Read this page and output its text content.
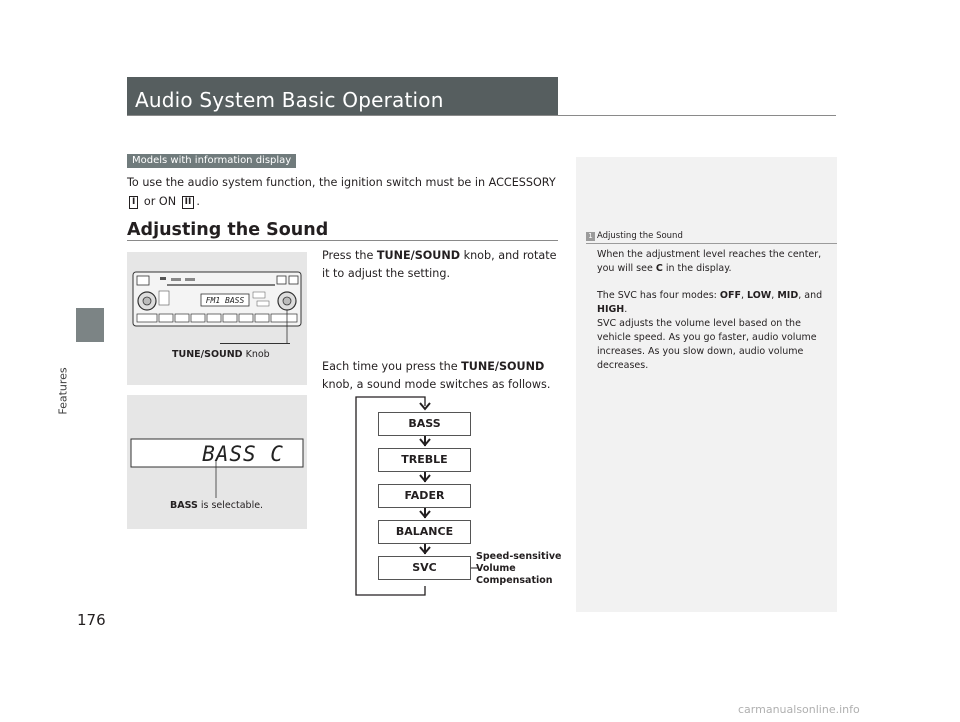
Features
Audio System Basic Operation
Models with information display
To use the audio system function, the ignition switch must be in ACCESSORY I or ON II .
Adjusting the Sound
Press the TUNE/SOUND knob, and rotate it to adjust the setting.
Each time you press the TUNE/SOUND knob, a sound mode switches as follows.
FM1 BASS
TUNE/SOUND Knob
BASS C
BASS is selectable.
BASS
TREBLE
FADER
BALANCE
SVC
Speed-sensitive
Volume
Compensation
1 Adjusting the Sound

When the adjustment level reaches the center, you will see C in the display.

The SVC has four modes: OFF, LOW, MID, and HIGH.

SVC adjusts the volume level based on the vehicle speed. As you go faster, audio volume increases. As you slow down, audio volume decreases.

176
carmanualsonline.info
